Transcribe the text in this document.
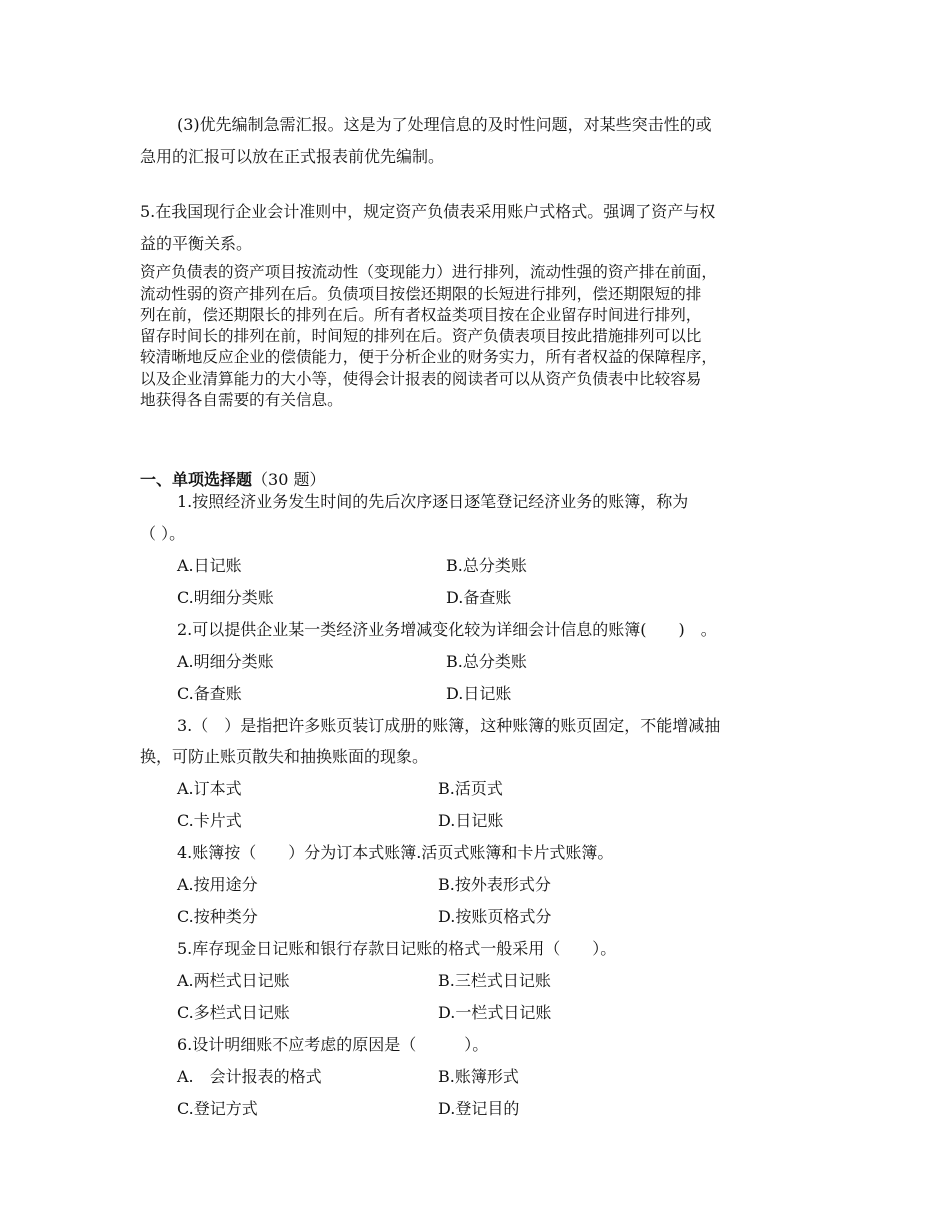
(3)优先编制急需汇报。这是为了处理信息的及时性问题，对某些突击性的或
急用的汇报可以放在正式报表前优先编制。
5.在我国现行企业会计准则中，规定资产负债表采用账户式格式。强调了资产与权
益的平衡关系。
资产负债表的资产项目按流动性（变现能力）进行排列，流动性强的资产排在前面，
流动性弱的资产排列在后。负债项目按偿还期限的长短进行排列，偿还期限短的排
列在前，偿还期限长的排列在后。所有者权益类项目按在企业留存时间进行排列，
留存时间长的排列在前，时间短的排列在后。资产负债表项目按此措施排列可以比
较清晰地反应企业的偿债能力，便于分析企业的财务实力，所有者权益的保障程序，
以及企业清算能力的大小等，使得会计报表的阅读者可以从资产负债表中比较容易
地获得各自需要的有关信息。
一、单项选择题（30 题）
1.按照经济业务发生时间的先后次序逐日逐笔登记经济业务的账簿，称为
（ ）。
A.日记账	B.总分类账
C.明细分类账	D.备查账
2.可以提供企业某一类经济业务增减变化较为详细会计信息的账簿(　　)　。
A.明细分类账	B.总分类账
C.备查账	D.日记账
3.（　）是指把许多账页装订成册的账簿，这种账簿的账页固定，不能增减抽
换，可防止账页散失和抽换账面的现象。
A.订本式	B.活页式
C.卡片式	D.日记账
4.账簿按（　　）分为订本式账簿.活页式账簿和卡片式账簿。
A.按用途分	B.按外表形式分
C.按种类分	D.按账页格式分
5.库存现金日记账和银行存款日记账的格式一般采用（　　）。
A.两栏式日记账	B.三栏式日记账
C.多栏式日记账	D.一栏式日记账
6.设计明细账不应考虑的原因是（　　　）。
A.　会计报表的格式	B.账簿形式
C.登记方式	D.登记目的
